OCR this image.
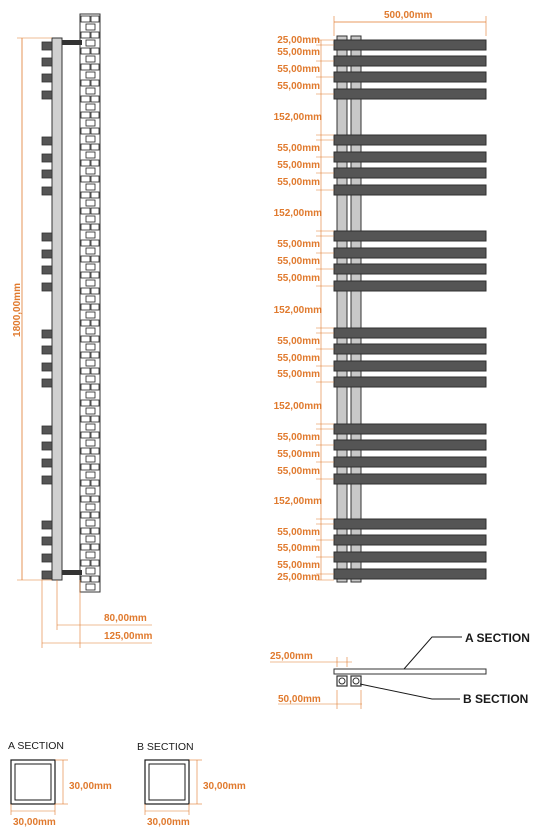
1800,00mm
80,00mm
125,00mm
500,00mm
25,00mm
55,00mm
55,00mm
55,00mm
152,00mm
55,00mm
55,00mm
55,00mm
152,00mm
55,00mm
55,00mm
55,00mm
152,00mm
55,00mm
55,00mm
55,00mm
152,00mm
55,00mm
55,00mm
55,00mm
152,00mm
55,00mm
55,00mm
55,00mm
25,00mm
25,00mm
50,00mm
A SECTION
B SECTION
A SECTION
30,00mm
30,00mm
B SECTION
30,00mm
30,00mm
